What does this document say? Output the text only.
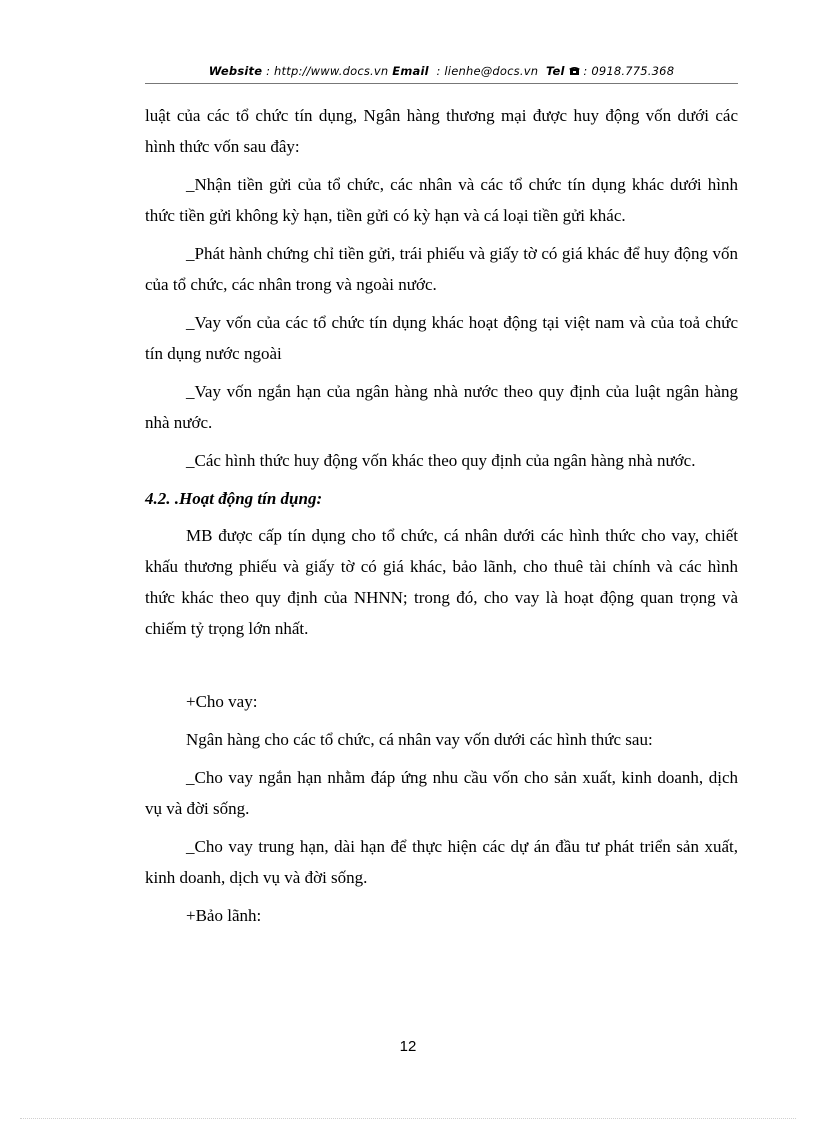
Website : http://www.docs.vn Email  : lienhe@docs.vn Tel  : 0918.775.368

luật của các tổ chức tín dụng, Ngân hàng thương mại được huy động vốn dưới các hình thức vốn sau đây:

_Nhận tiền gửi của tổ chức, các nhân và các tổ chức tín dụng khác dưới hình thức tiền gửi không kỳ hạn, tiền gửi có kỳ hạn và cá loại tiền gửi khác.

_Phát hành chứng chỉ tiền gửi, trái phiếu và giấy tờ có giá khác để huy động vốn của tổ chức, các nhân trong và ngoài nước.

_Vay vốn của các tổ chức tín dụng khác hoạt động tại việt nam và của toả chức tín dụng nước ngoài

_Vay vốn ngắn hạn của ngân hàng nhà nước theo quy định của luật ngân hàng nhà nước.

_Các hình thức huy động vốn khác theo quy định của ngân hàng nhà nước.

4.2. .Hoạt động tín dụng:

MB được cấp tín dụng cho tổ chức, cá nhân dưới các hình thức cho vay, chiết khấu thương phiếu và giấy tờ có giá khác, bảo lãnh, cho thuê tài chính và các hình thức khác theo quy định của NHNN; trong đó, cho vay là hoạt động quan trọng và chiếm tỷ trọng lớn nhất.

+Cho vay:

Ngân hàng cho các tổ chức, cá nhân vay vốn dưới các hình thức sau:

_Cho vay ngắn hạn nhằm đáp ứng nhu cầu vốn cho sản xuất, kinh doanh, dịch vụ và đời sống.

_Cho vay trung hạn, dài hạn để thực hiện các dự án đầu tư phát triển sản xuất, kinh doanh, dịch vụ và đời sống.

+Bảo lãnh:

12
